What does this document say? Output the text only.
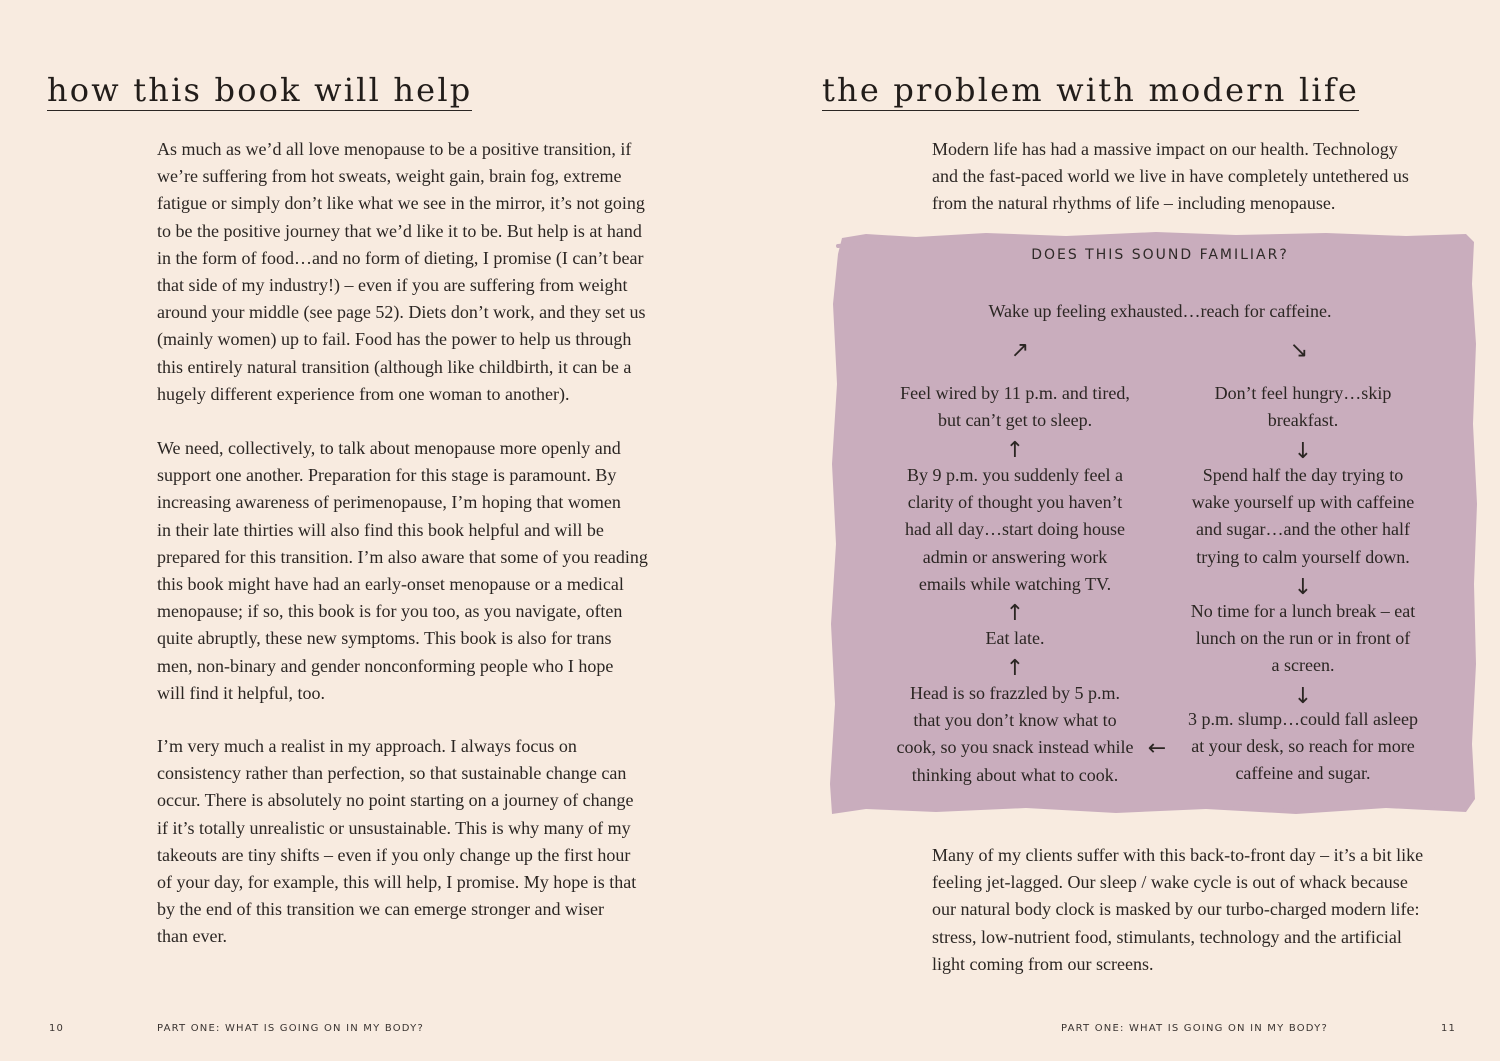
how this book will help
As much as we’d all love menopause to be a positive transition, if
we’re suffering from hot sweats, weight gain, brain fog, extreme
fatigue or simply don’t like what we see in the mirror, it’s not going
to be the positive journey that we’d like it to be. But help is at hand
in the form of food…and no form of dieting, I promise (I can’t bear
that side of my industry!) – even if you are suffering from weight
around your middle (see page 52). Diets don’t work, and they set us
(mainly women) up to fail. Food has the power to help us through
this entirely natural transition (although like childbirth, it can be a
hugely different experience from one woman to another).
We need, collectively, to talk about menopause more openly and
support one another. Preparation for this stage is paramount. By
increasing awareness of perimenopause, I’m hoping that women
in their late thirties will also find this book helpful and will be
prepared for this transition. I’m also aware that some of you reading
this book might have had an early-onset menopause or a medical
menopause; if so, this book is for you too, as you navigate, often
quite abruptly, these new symptoms. This book is also for trans
men, non-binary and gender nonconforming people who I hope
will find it helpful, too.
I’m very much a realist in my approach. I always focus on
consistency rather than perfection, so that sustainable change can
occur. There is absolutely no point starting on a journey of change
if it’s totally unrealistic or unsustainable. This is why many of my
takeouts are tiny shifts – even if you only change up the first hour
of your day, for example, this will help, I promise. My hope is that
by the end of this transition we can emerge stronger and wiser
than ever.
10	PART ONE: WHAT IS GOING ON IN MY BODY?
the problem with modern life
Modern life has had a massive impact on our health. Technology
and the fast-paced world we live in have completely untethered us
from the natural rhythms of life – including menopause.
DOES THIS SOUND FAMILIAR?
Wake up feeling exhausted…reach for caffeine.
↗	↘
Don’t feel hungry…skip
breakfast.
↓
Spend half the day trying to
wake yourself up with caffeine
and sugar…and the other half
trying to calm yourself down.
↓
No time for a lunch break – eat
lunch on the run or in front of
a screen.
↓
3 p.m. slump…could fall asleep
at your desk, so reach for more
caffeine and sugar.
←
Head is so frazzled by 5 p.m.
that you don’t know what to
cook, so you snack instead while
thinking about what to cook.
↑
Eat late.
↑
By 9 p.m. you suddenly feel a
clarity of thought you haven’t
had all day…start doing house
admin or answering work
emails while watching TV.
↑
Feel wired by 11 p.m. and tired,
but can’t get to sleep.
Many of my clients suffer with this back-to-front day – it’s a bit like
feeling jet-lagged. Our sleep / wake cycle is out of whack because
our natural body clock is masked by our turbo-charged modern life:
stress, low-nutrient food, stimulants, technology and the artificial
light coming from our screens.
PART ONE: WHAT IS GOING ON IN MY BODY?	11
